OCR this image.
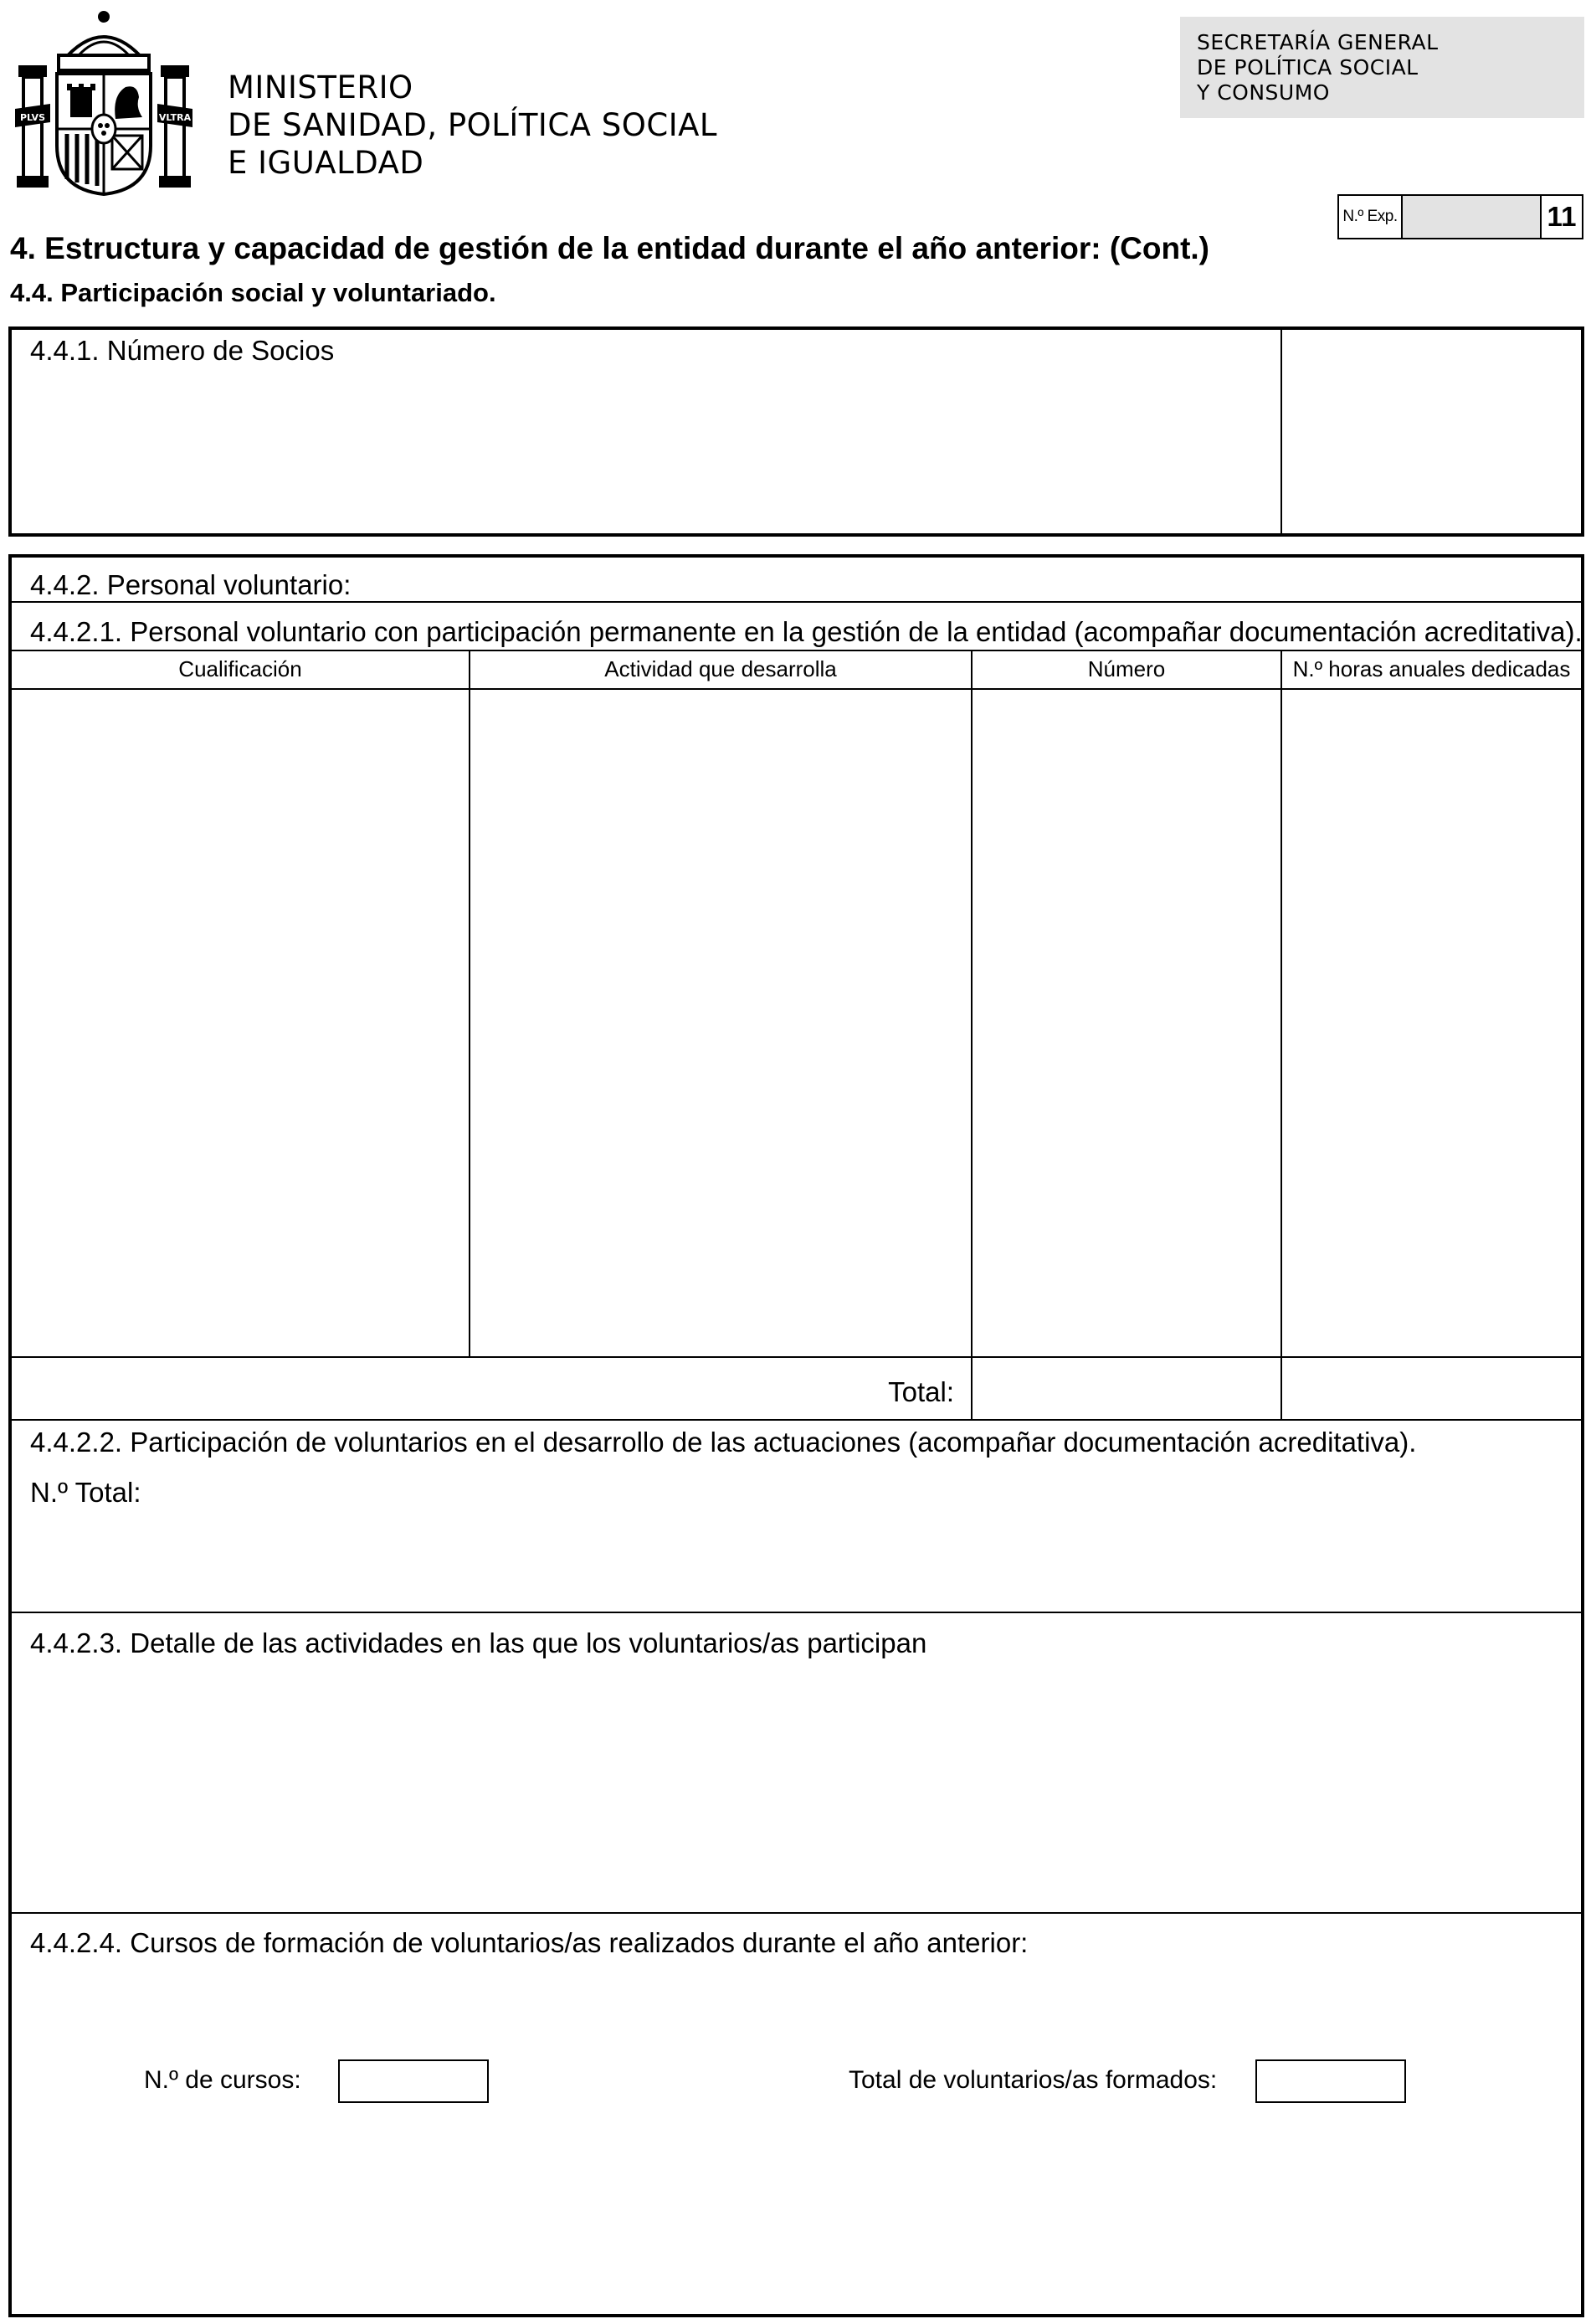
PLVS	VLTRA
MINISTERIO
DE SANIDAD, POLÍTICA SOCIAL
E IGUALDAD
SECRETARÍA GENERAL
DE POLÍTICA SOCIAL
Y CONSUMO
N.º Exp.	11
4. Estructura y capacidad de gestión de la entidad durante el año anterior: (Cont.)
4.4. Participación social y voluntariado.
4.4.1. Número de Socios
4.4.2. Personal voluntario:
4.4.2.1. Personal voluntario con participación permanente en la gestión de la entidad (acompañar documentación acreditativa).
Cualificación	Actividad que desarrolla	Número	N.º horas anuales dedicadas
Total:
4.4.2.2. Participación de voluntarios en el desarrollo de las actuaciones (acompañar documentación acreditativa).
N.º Total:
4.4.2.3. Detalle de las actividades en las que los voluntarios/as participan
4.4.2.4. Cursos de formación de voluntarios/as realizados durante el año anterior:
N.º de cursos:	Total de voluntarios/as formados:
